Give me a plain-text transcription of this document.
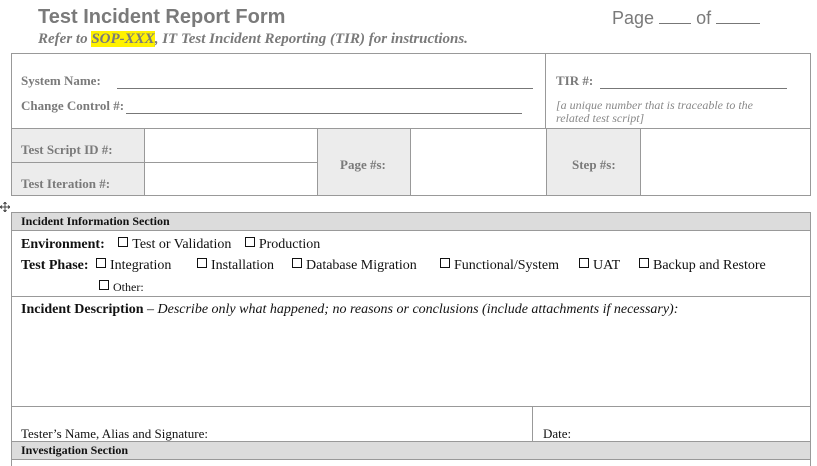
Test Incident Report Form
Refer to SOP-XXX, IT Test Incident Reporting (TIR) for instructions.
Page of
System Name:
Change Control #:
TIR #:
[a unique number that is traceable to the related test script]
Test Script ID #:
Test Iteration #:
Page #s:	Step #s:
Incident Information Section
Environment: Test or Validation Production
Test Phase:	Integration	Installation	Database Migration	Functional/System	UAT	Backup and Restore
Other:
Incident Description – Describe only what happened; no reasons or conclusions (include attachments if necessary):
Tester’s Name, Alias and Signature:	Date:
Investigation Section
